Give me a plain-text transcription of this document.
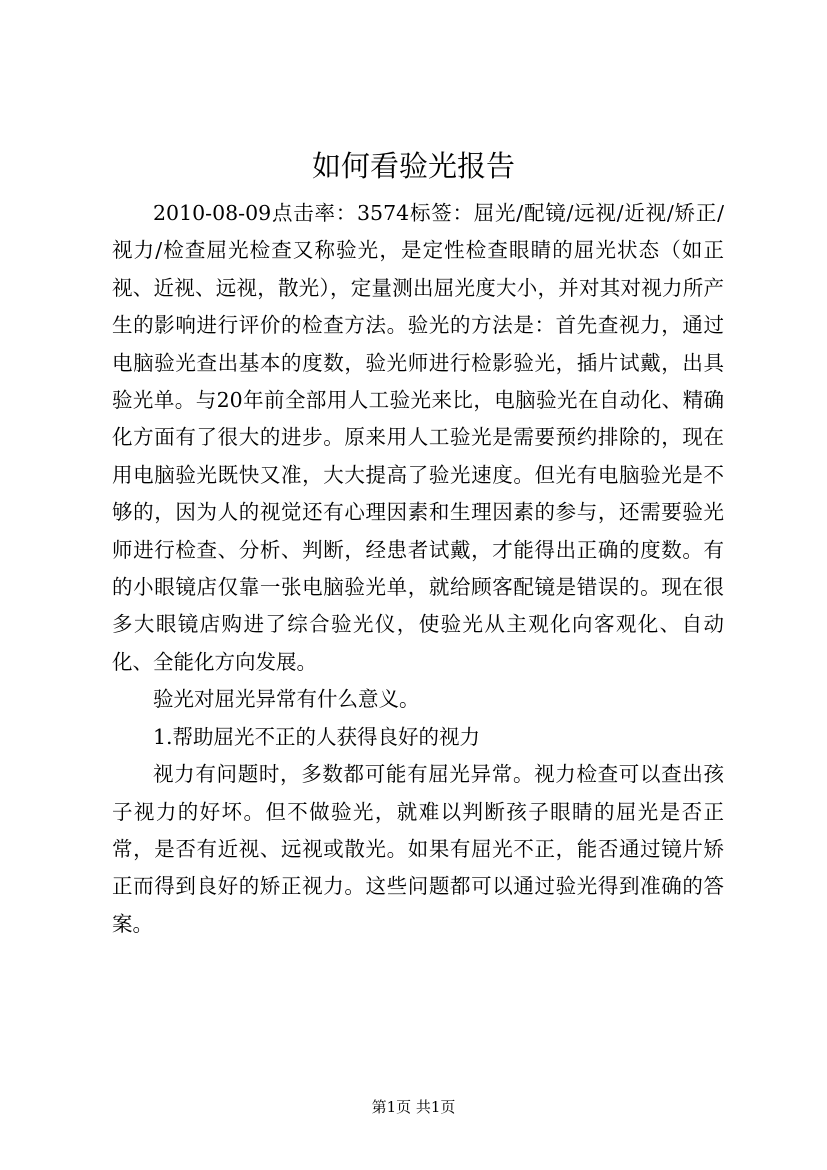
如何看验光报告

2010-08-09点击率：3574标签：屈光/配镜/远视/近视/矫正/视力/检查屈光检查又称验光，是定性检查眼睛的屈光状态（如正视、近视、远视，散光），定量测出屈光度大小，并对其对视力所产生的影响进行评价的检查方法。验光的方法是：首先查视力，通过电脑验光查出基本的度数，验光师进行检影验光，插片试戴，出具验光单。与20年前全部用人工验光来比，电脑验光在自动化、精确化方面有了很大的进步。原来用人工验光是需要预约排除的，现在用电脑验光既快又准，大大提高了验光速度。但光有电脑验光是不够的，因为人的视觉还有心理因素和生理因素的参与，还需要验光师进行检查、分析、判断，经患者试戴，才能得出正确的度数。有的小眼镜店仅靠一张电脑验光单，就给顾客配镜是错误的。现在很多大眼镜店购进了综合验光仪，使验光从主观化向客观化、自动化、全能化方向发展。

验光对屈光异常有什么意义。

1.帮助屈光不正的人获得良好的视力

视力有问题时，多数都可能有屈光异常。视力检查可以查出孩子视力的好坏。但不做验光，就难以判断孩子眼睛的屈光是否正常，是否有近视、远视或散光。如果有屈光不正，能否通过镜片矫正而得到良好的矫正视力。这些问题都可以通过验光得到准确的答案。

第1页 共1页
